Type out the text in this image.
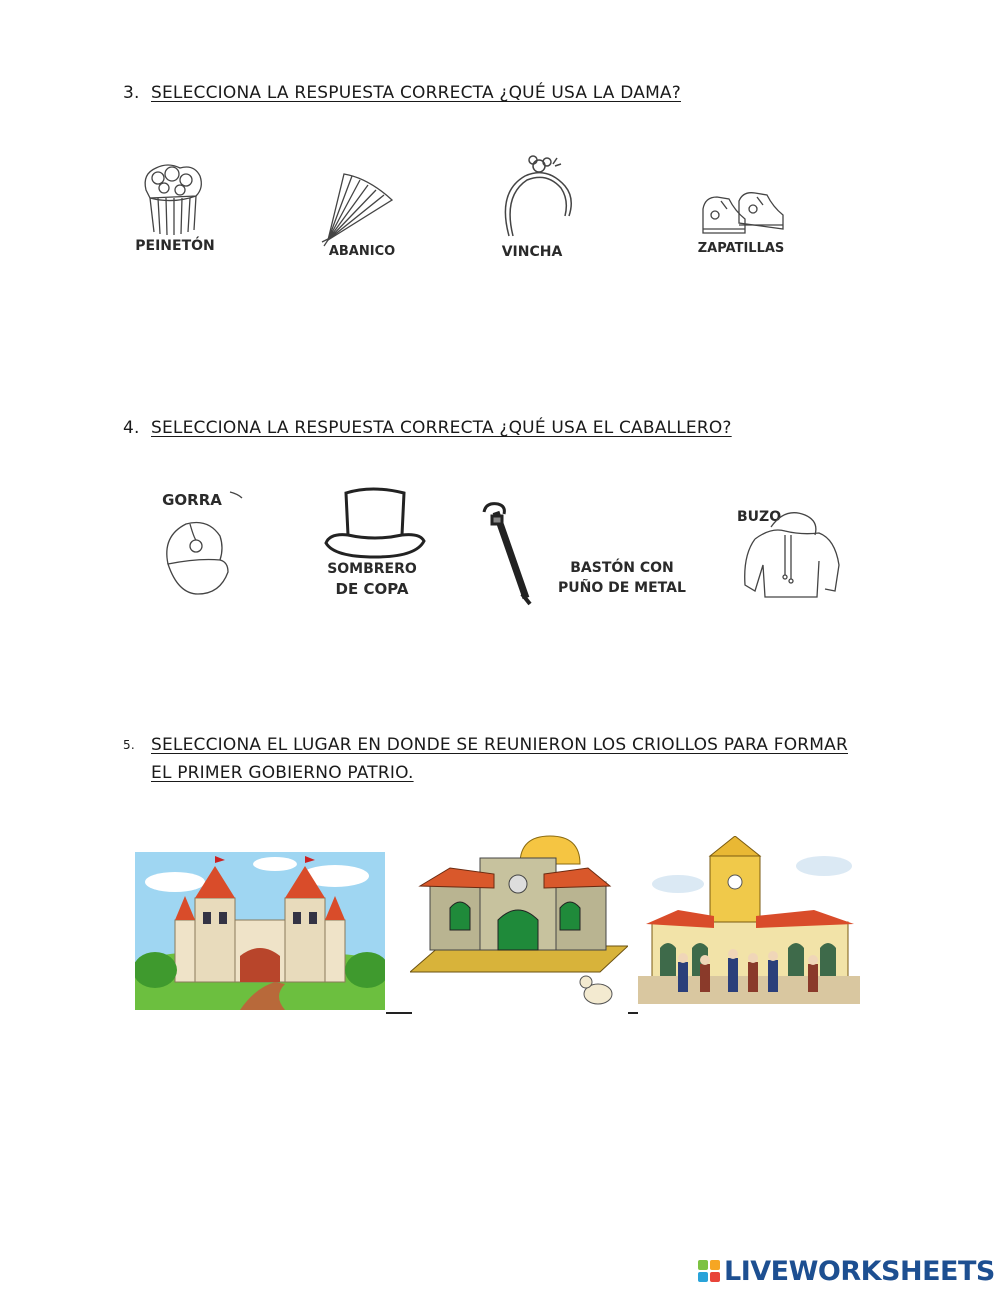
3. SELECCIONA LA RESPUESTA CORRECTA ¿QUÉ USA LA DAMA?
PEINETÓN	ABANICO	VINCHA	ZAPATILLAS
4. SELECCIONA LA RESPUESTA CORRECTA ¿QUÉ USA EL CABALLERO?
GORRA
SOMBRERO
DE COPA
BASTÓN CON
PUÑO DE METAL
BUZO
5. SELECCIONA EL LUGAR EN DONDE SE REUNIERON LOS CRIOLLOS PARA FORMAR
EL PRIMER GOBIERNO PATRIO.
LIVEWORKSHEETS
